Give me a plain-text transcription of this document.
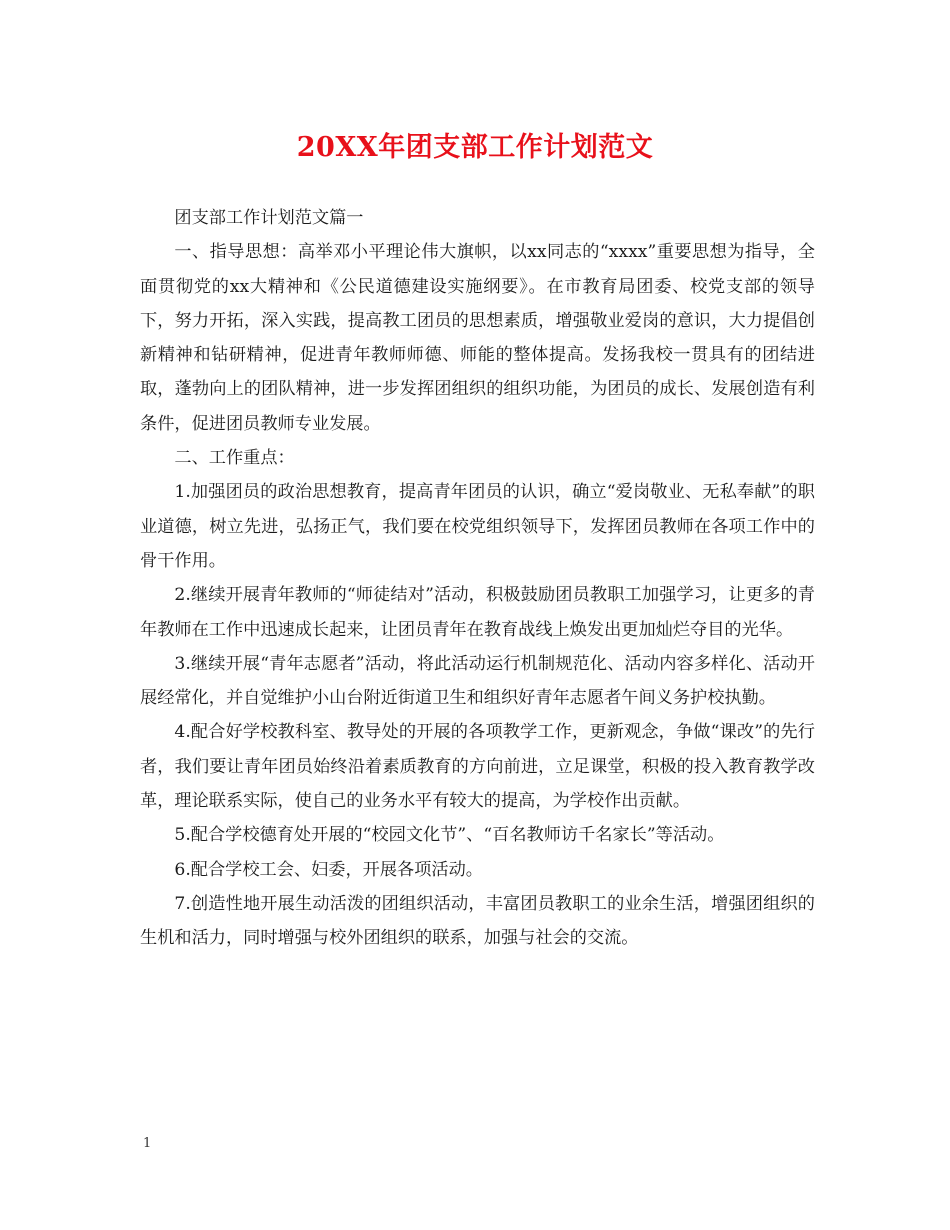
20XX年团支部工作计划范文

团支部工作计划范文篇一

一、指导思想：高举邓小平理论伟大旗帜，以xx同志的“xxxx”重要思想为指导，全面贯彻党的xx大精神和《公民道德建设实施纲要》。在市教育局团委、校党支部的领导下，努力开拓，深入实践，提高教工团员的思想素质，增强敬业爱岗的意识，大力提倡创新精神和钻研精神，促进青年教师师德、师能的整体提高。发扬我校一贯具有的团结进取，蓬勃向上的团队精神，进一步发挥团组织的组织功能，为团员的成长、发展创造有利条件，促进团员教师专业发展。

二、工作重点：

1.加强团员的政治思想教育，提高青年团员的认识，确立“爱岗敬业、无私奉献”的职业道德，树立先进，弘扬正气，我们要在校党组织领导下，发挥团员教师在各项工作中的骨干作用。

2.继续开展青年教师的“师徒结对”活动，积极鼓励团员教职工加强学习，让更多的青年教师在工作中迅速成长起来，让团员青年在教育战线上焕发出更加灿烂夺目的光华。

3.继续开展“青年志愿者”活动，将此活动运行机制规范化、活动内容多样化、活动开展经常化，并自觉维护小山台附近街道卫生和组织好青年志愿者午间义务护校执勤。

4.配合好学校教科室、教导处的开展的各项教学工作，更新观念，争做“课改”的先行者，我们要让青年团员始终沿着素质教育的方向前进，立足课堂，积极的投入教育教学改革，理论联系实际，使自己的业务水平有较大的提高，为学校作出贡献。

5.配合学校德育处开展的“校园文化节”、“百名教师访千名家长”等活动。

6.配合学校工会、妇委，开展各项活动。

7.创造性地开展生动活泼的团组织活动，丰富团员教职工的业余生活，增强团组织的生机和活力，同时增强与校外团组织的联系，加强与社会的交流。

1
